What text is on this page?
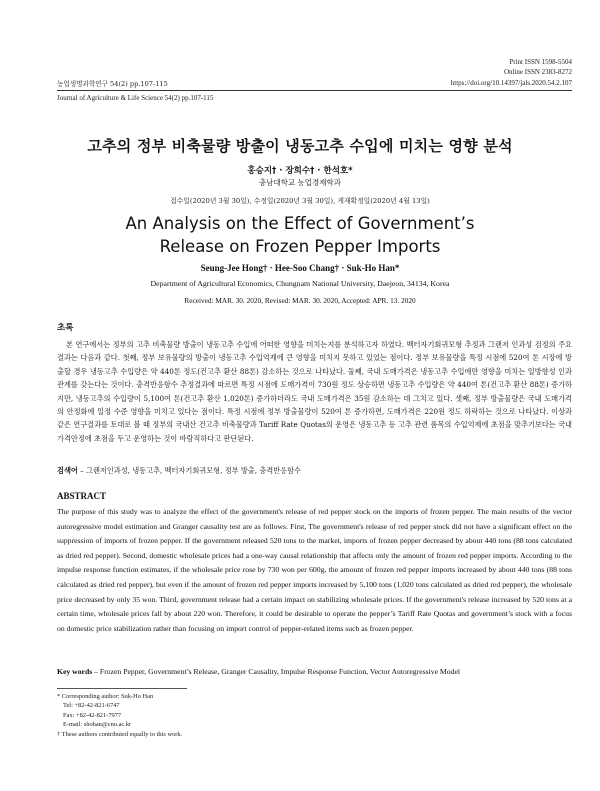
Print ISSN 1598-5504
Online ISSN 2383-8272
https://doi.org/10.14397/jals.2020.54.2.107
농업생명과학연구 54(2) pp.107-115
Journal of Agriculture & Life Science 54(2) pp.107-115
고추의 정부 비축물량 방출이 냉동고추 수입에 미치는 영향 분석
홍승지† · 장희수† · 한석호*
충남대학교 농업경제학과
접수일(2020년 3월 30일), 수정일(2020년 3월 30일), 게재확정일(2020년 4월 13일)
An Analysis on the Effect of Government’s
Release on Frozen Pepper Imports
Seung-Jee Hong† · Hee-Soo Chang† · Suk-Ho Han*
Department of Agricultural Economics, Chungnam National University, Daejeon, 34134, Korea
Received: MAR. 30. 2020, Revised: MAR. 30. 2020, Accepted: APR. 13. 2020
초록
본 연구에서는 정부의 고추 비축물량 방출이 냉동고추 수입에 어떠한 영향을 미치는지를 분석하고자 하였다. 벡터자기회귀모형 추정과 그랜저 인과성 검정의 주요 결과는 다음과 같다. 첫째, 정부 보유물량의 방출이 냉동고추 수입억제에 큰 영향을 미치지 못하고 있었는 점이다. 정부 보유물량을 특정 시점에 520여 톤 시장에 방출할 경우 냉동고추 수입량은 약 440톤 정도(건고추 환산 88톤) 감소하는 것으로 나타났다. 둘째, 국내 도매가격은 냉동고추 수입에만 영향을 미치는 일방향성 인과관계를 갖는다는 것이다. 충격반응함수 추정결과에 따르면 특정 시점에 도매가격이 730원 정도 상승하면 냉동고추 수입량은 약 440여 톤(건고추 환산 88톤) 증가하지만, 냉동고추의 수입량이 5,100여 톤(건고추 환산 1,020톤) 증가하더라도 국내 도매가격은 35원 감소하는 데 그치고 있다. 셋째, 정부 방출물량은 국내 도매가격의 안정화에 일정 수준 영향을 미치고 있다는 점이다. 특정 시점에 정부 방출물량이 520여 톤 증가하면, 도매가격은 220원 정도 하락하는 것으로 나타났다. 이상과 같은 연구결과를 토대로 볼 때 정부의 국내산 건고추 비축물량과 Tariff Rate Quotas의 운영은 냉동고추 등 고추 관련 품목의 수입억제에 초점을 맞추기보다는 국내 가격안정에 초점을 두고 운영하는 것이 바람직하다고 판단된다.
검색어 – 그랜저인과성, 냉동고추, 벡터자기회귀모형, 정부 방출, 충격반응함수
ABSTRACT
The purpose of this study was to analyze the effect of the government's release of red pepper stock on the imports of frozen pepper. The main results of the vector autoregressive model estimation and Granger causality test are as follows. First, The government's release of red pepper stock did not have a significant effect on the suppression of imports of frozen pepper. If the government released 520 tons to the market, imports of frozen pepper decreased by about 440 tons (88 tons calculated as dried red pepper). Second, domestic wholesale prices had a one-way causal relationship that affects only the amount of frozen red pepper imports. According to the impulse response function estimates, if the wholesale price rose by 730 won per 600g, the amount of frozen red pepper imports increased by about 440 tons (88 tons calculated as dried red pepper), but even if the amount of frozen red pepper imports increased by 5,100 tons (1,020 tons calculated as dried red pepper), the wholesale price decreased by only 35 won. Third, government release had a certain impact on stabilizing wholesale prices. If the government's release increased by 520 tons at a certain time, wholesale prices fall by about 220 won. Therefore, it could be desirable to operate the pepper’s Tariff Rate Quotas and government’s stock with a focus on domestic price stabilization rather than focusing on import control of pepper-related items such as frozen pepper.
Key words – Frozen Pepper, Government’s Release, Granger Causality, Impulse Response Function, Vector Autoregressive Model
* Corresponding author: Suk-Ho Han
Tel: +82-42-821-6747
Fax: +82-42-821-7977
E-mail: shohan@cnu.ac.kr
† These authors contributed equally to this work.
